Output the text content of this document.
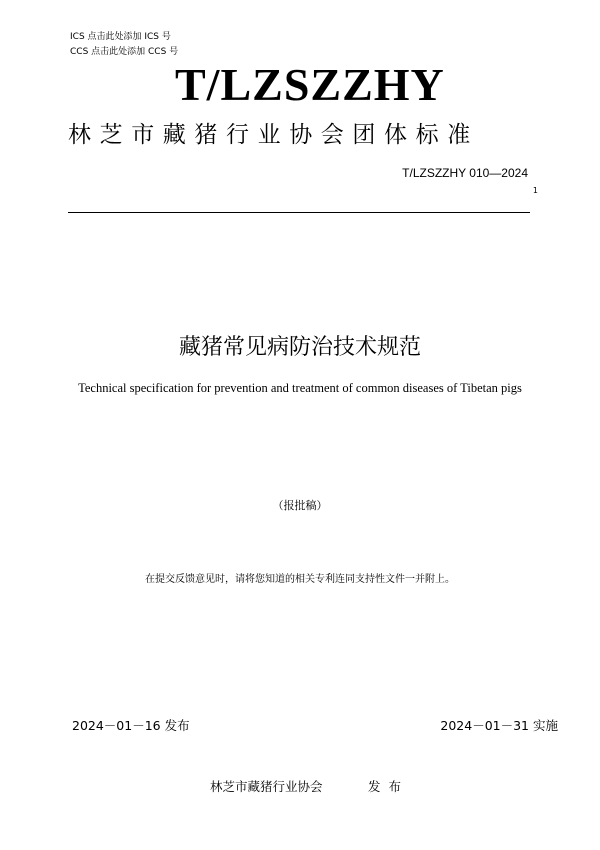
ICS 点击此处添加 ICS 号
CCS 点击此处添加 CCS 号
T/LZSZZHY
林芝市藏猪行业协会团体标准
T/LZSZZHY 010—2024
1
藏猪常见病防治技术规范
Technical specification for prevention and treatment of common diseases of Tibetan pigs
（报批稿）
在提交反馈意见时，请将您知道的相关专利连同支持性文件一并附上。
2024－01－16 发布	2024－01－31 实施
林芝市藏猪行业协会	发布
